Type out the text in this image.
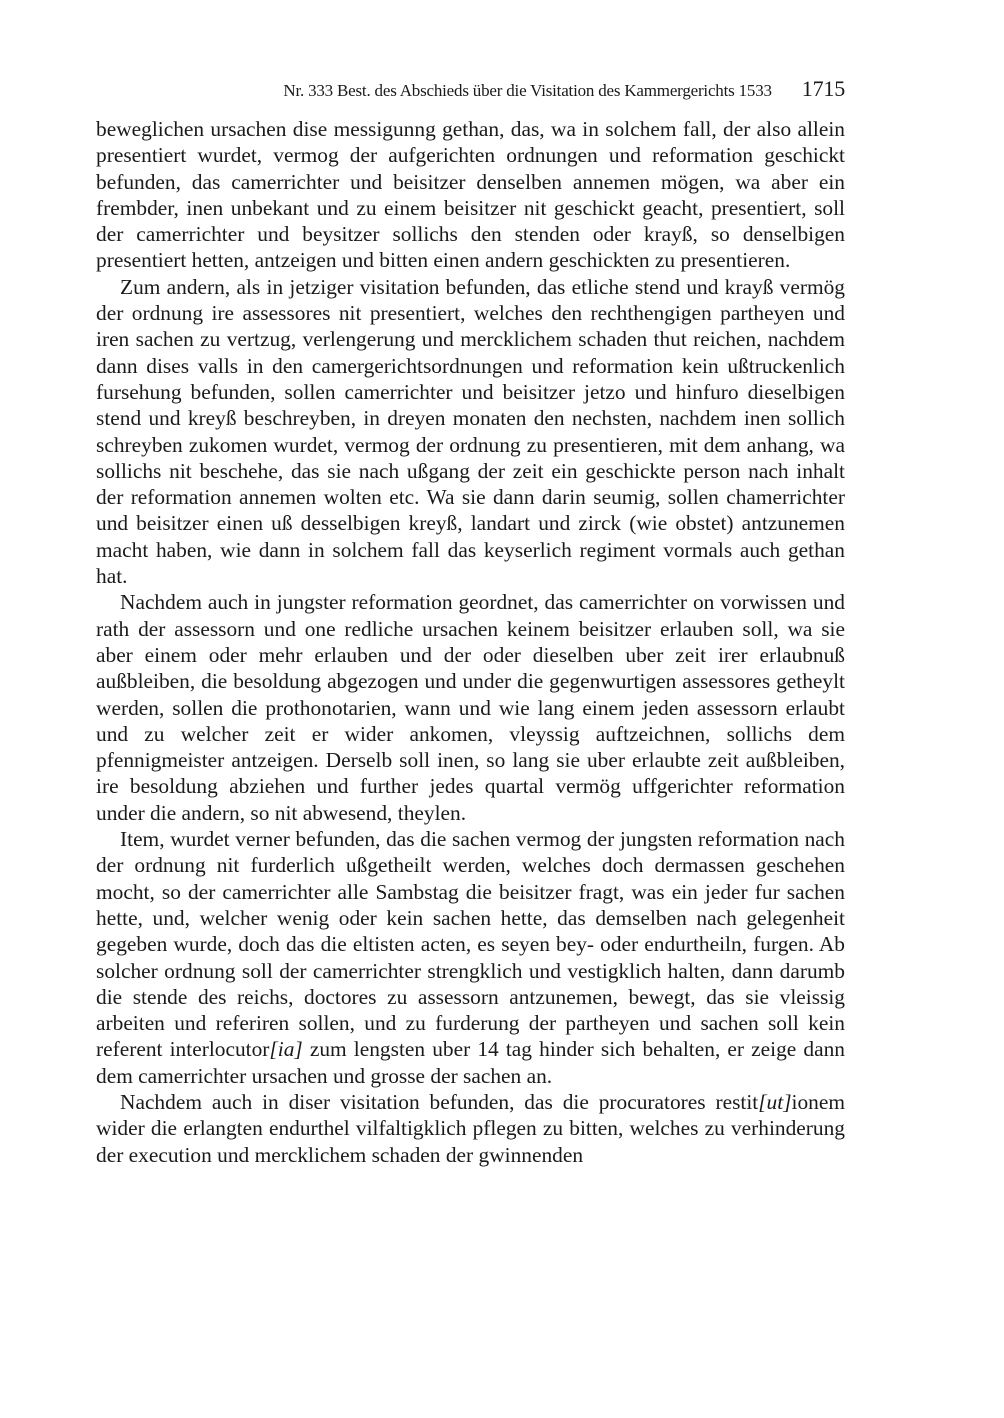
Nr. 333 Best. des Abschieds über die Visitation des Kammergerichts 1533 1715

beweglichen ursachen dise messigunng gethan, das, wa in solchem fall, der also allein presentiert wurdet, vermog der aufgerichten ordnungen und reformation geschickt befunden, das camerrichter und beisitzer denselben annemen mögen, wa aber ein frembder, inen unbekant und zu einem beisitzer nit geschickt geacht, presentiert, soll der camerrichter und beysitzer sollichs den stenden oder krayß, so denselbigen presentiert hetten, antzeigen und bitten einen andern geschickten zu presentieren.

Zum andern, als in jetziger visitation befunden, das etliche stend und krayß vermög der ordnung ire assessores nit presentiert, welches den rechthengigen partheyen und iren sachen zu vertzug, verlengerung und mercklichem schaden thut reichen, nachdem dann dises valls in den camergerichtsordnungen und reformation kein ußtruckenlich fursehung befunden, sollen camerrichter und beisitzer jetzo und hinfuro dieselbigen stend und kreyß beschreyben, in dreyen monaten den nechsten, nachdem inen sollich schreyben zukomen wurdet, vermog der ordnung zu presentieren, mit dem anhang, wa sollichs nit beschehe, das sie nach ußgang der zeit ein geschickte person nach inhalt der reformation annemen wolten etc. Wa sie dann darin seumig, sollen chamerrichter und beisitzer einen uß desselbigen kreyß, landart und zirck (wie obstet) antzunemen macht haben, wie dann in solchem fall das keyserlich regiment vormals auch gethan hat.

Nachdem auch in jungster reformation geordnet, das camerrichter on vorwissen und rath der assessorn und one redliche ursachen keinem beisitzer erlauben soll, wa sie aber einem oder mehr erlauben und der oder dieselben uber zeit irer erlaubnuß außbleiben, die besoldung abgezogen und under die gegenwurtigen assessores getheylt werden, sollen die prothonotarien, wann und wie lang einem jeden assessorn erlaubt und zu welcher zeit er wider ankomen, vleyssig auftzeichnen, sollichs dem pfennigmeister antzeigen. Derselb soll inen, so lang sie uber erlaubte zeit außbleiben, ire besoldung abziehen und further jedes quartal vermög uffgerichter reformation under die andern, so nit abwesend, theylen.

Item, wurdet verner befunden, das die sachen vermog der jungsten reformation nach der ordnung nit furderlich ußgetheilt werden, welches doch dermassen geschehen mocht, so der camerrichter alle Sambstag die beisitzer fragt, was ein jeder fur sachen hette, und, welcher wenig oder kein sachen hette, das demselben nach gelegenheit gegeben wurde, doch das die eltisten acten, es seyen bey- oder endurtheiln, furgen. Ab solcher ordnung soll der camerrichter strengklich und vestigklich halten, dann darumb die stende des reichs, doctores zu assessorn antzunemen, bewegt, das sie vleissig arbeiten und referiren sollen, und zu furderung der partheyen und sachen soll kein referent interlocutor[ia] zum lengsten uber 14 tag hinder sich behalten, er zeige dann dem camerrichter ursachen und grosse der sachen an.

Nachdem auch in diser visitation befunden, das die procuratores restit[ut]ionem wider die erlangten endurthel vilfaltigklich pflegen zu bitten, welches zu verhinderung der execution und mercklichem schaden der gwinnenden
